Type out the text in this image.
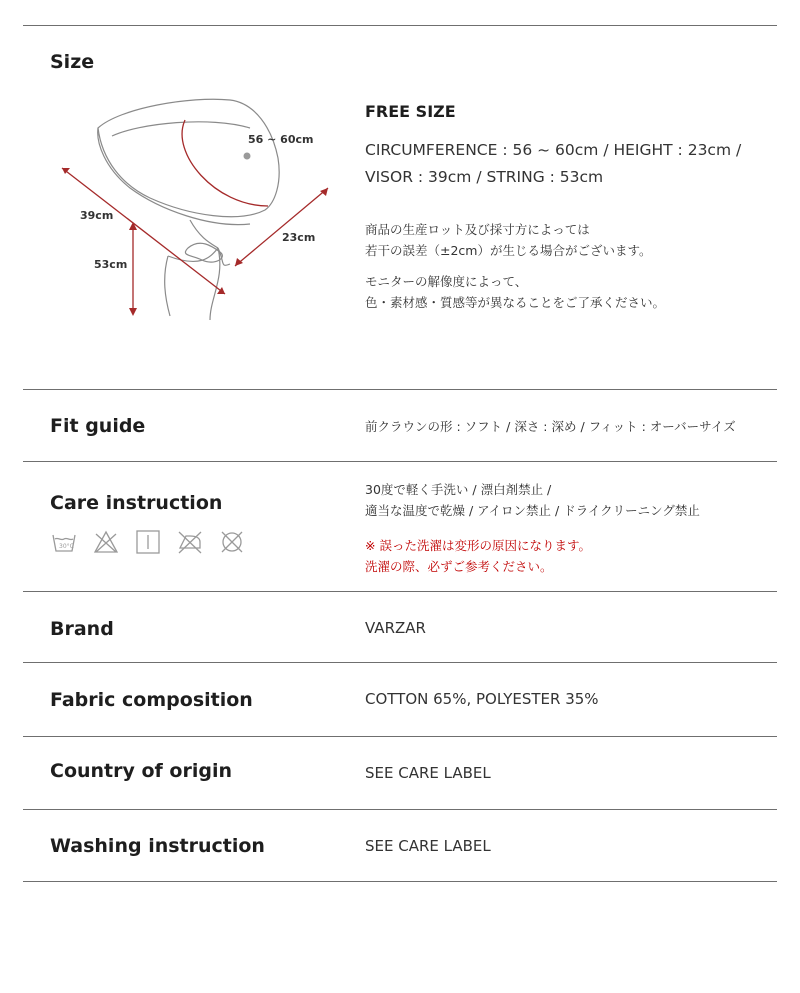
Size
56 ~ 60cm
39cm
23cm
53cm
FREE SIZE
CIRCUMFERENCE : 56 ~ 60cm / HEIGHT : 23cm /
VISOR : 39cm / STRING : 53cm
商品の生産ロット及び採寸方によっては
若干の誤差（±2cm）が生じる場合がございます。
モニターの解像度によって、
色・素材感・質感等が異なることをご了承ください。
Fit guide	前クラウンの形 : ソフト / 深さ : 深め / フィット : オーバーサイズ
Care instruction
30°C
30度で軽く手洗い / 漂白剤禁止 /
適当な温度で乾燥 / アイロン禁止 / ドライクリーニング禁止
※ 誤った洗濯は変形の原因になります。
洗濯の際、必ずご参考ください。
Brand	VARZAR
Fabric composition	COTTON 65%, POLYESTER 35%
Country of origin	SEE CARE LABEL
Washing instruction	SEE CARE LABEL
